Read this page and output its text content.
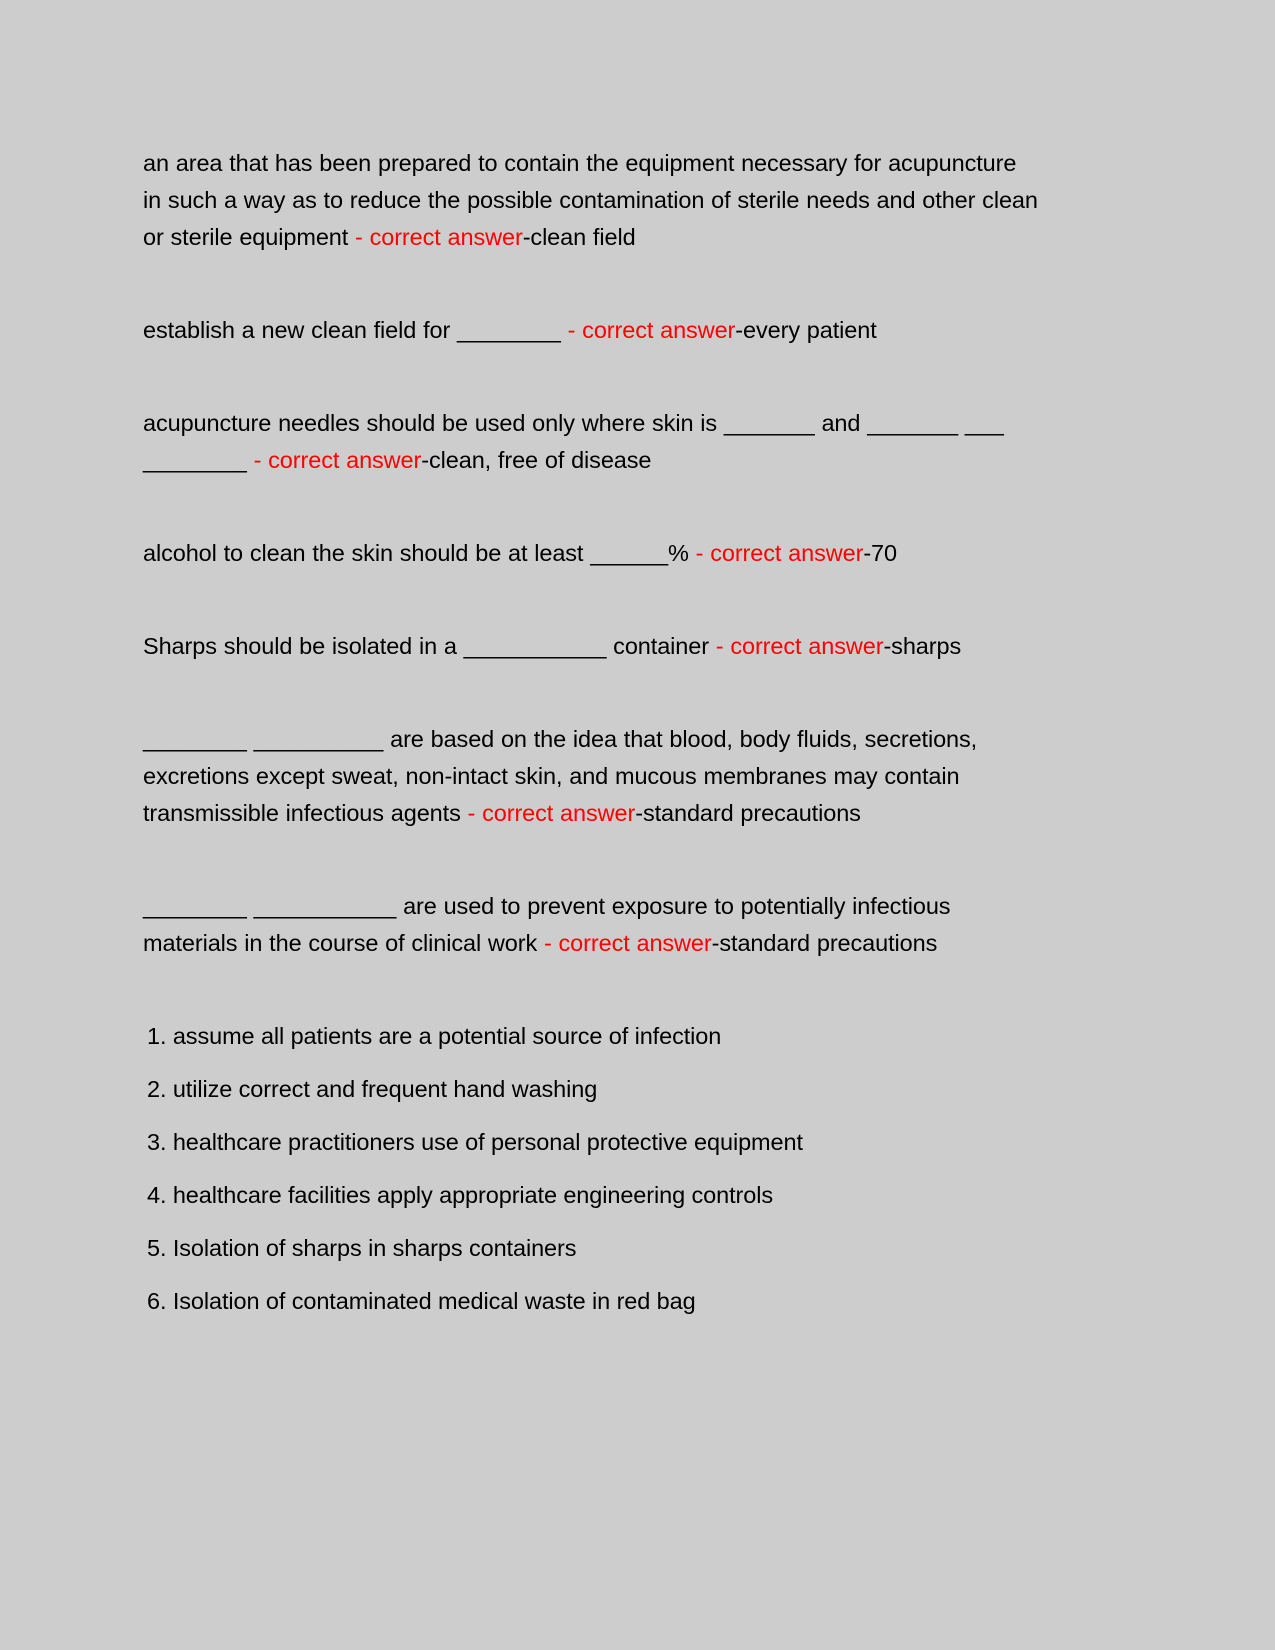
an area that has been prepared to contain the equipment necessary for acupuncture in such a way as to reduce the possible contamination of sterile needs and other clean or sterile equipment - correct answer-clean field

establish a new clean field for ________ - correct answer-every patient

acupuncture needles should be used only where skin is _______ and _______ ___ ________ - correct answer-clean, free of disease

alcohol to clean the skin should be at least ______% - correct answer-70

Sharps should be isolated in a ___________ container - correct answer-sharps

________ __________ are based on the idea that blood, body fluids, secretions, excretions except sweat, non-intact skin, and mucous membranes may contain transmissible infectious agents - correct answer-standard precautions

________ ___________ are used to prevent exposure to potentially infectious materials in the course of clinical work - correct answer-standard precautions

1. assume all patients are a potential source of infection

2. utilize correct and frequent hand washing

3. healthcare practitioners use of personal protective equipment

4. healthcare facilities apply appropriate engineering controls

5. Isolation of sharps in sharps containers

6. Isolation of contaminated medical waste in red bag
